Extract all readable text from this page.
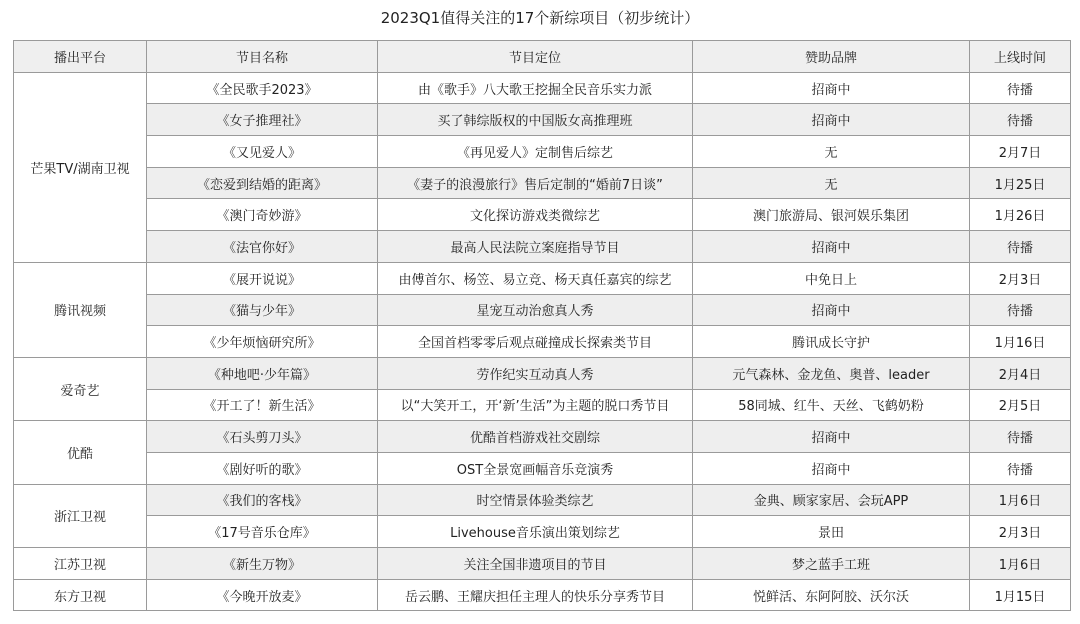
2023Q1值得关注的17个新综项目（初步统计）
播出平台	节目名称	节目定位	赞助品牌	上线时间
芒果TV/湖南卫视	《全民歌手2023》	由《歌手》八大歌王挖掘全民音乐实力派	招商中	待播
	《女子推理社》	买了韩综版权的中国版女高推理班	招商中	待播
	《又见爱人》	《再见爱人》定制售后综艺	无	2月7日
	《恋爱到结婚的距离》	《妻子的浪漫旅行》售后定制的“婚前7日谈”	无	1月25日
	《澳门奇妙游》	文化探访游戏类微综艺	澳门旅游局、银河娱乐集团	1月26日
	《法官你好》	最高人民法院立案庭指导节目	招商中	待播
腾讯视频	《展开说说》	由傅首尔、杨笠、易立竞、杨天真任嘉宾的综艺	中免日上	2月3日
	《猫与少年》	星宠互动治愈真人秀	招商中	待播
	《少年烦恼研究所》	全国首档零零后观点碰撞成长探索类节目	腾讯成长守护	1月16日
爱奇艺	《种地吧·少年篇》	劳作纪实互动真人秀	元气森林、金龙鱼、奥普、leader	2月4日
	《开工了！新生活》	以“大笑开工，开‘新’生活”为主题的脱口秀节目	58同城、红牛、天丝、飞鹤奶粉	2月5日
优酷	《石头剪刀头》	优酷首档游戏社交剧综	招商中	待播
	《剧好听的歌》	OST全景宽画幅音乐竞演秀	招商中	待播
浙江卫视	《我们的客栈》	时空情景体验类综艺	金典、顾家家居、会玩APP	1月6日
	《17号音乐仓库》	Livehouse音乐演出策划综艺	景田	2月3日
江苏卫视	《新生万物》	关注全国非遗项目的节目	梦之蓝手工班	1月6日
东方卫视	《今晚开放麦》	岳云鹏、王耀庆担任主理人的快乐分享秀节目	悦鲜活、东阿阿胶、沃尔沃	1月15日
